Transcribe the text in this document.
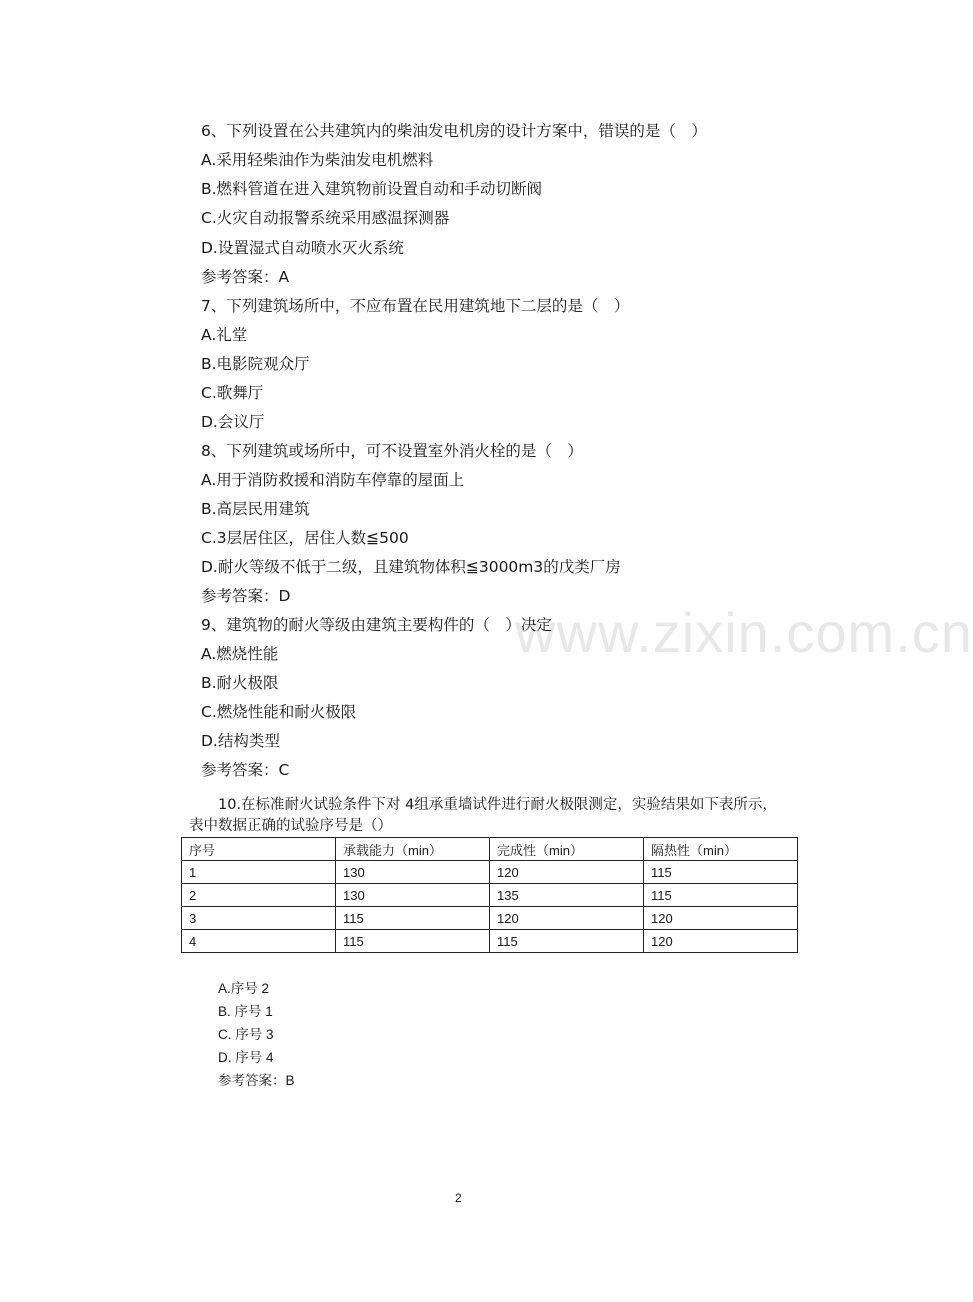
www.zixin.com.cn
6、下列设置在公共建筑内的柴油发电机房的设计方案中，错误的是（　）
A.采用轻柴油作为柴油发电机燃料
B.燃料管道在进入建筑物前设置自动和手动切断阀
C.火灾自动报警系统采用感温探测器
D.设置湿式自动喷水灭火系统
参考答案：A
7、下列建筑场所中，不应布置在民用建筑地下二层的是（　）
A.礼堂
B.电影院观众厅
C.歌舞厅
D.会议厅
8、下列建筑或场所中，可不设置室外消火栓的是（　）
A.用于消防救援和消防车停靠的屋面上
B.高层民用建筑
C.3层居住区，居住人数≦500
D.耐火等级不低于二级，且建筑物体积≦3000m3的戊类厂房
参考答案：D
9、建筑物的耐火等级由建筑主要构件的（　）决定
A.燃烧性能
B.耐火极限
C.燃烧性能和耐火极限
D.结构类型
参考答案：C
10.在标准耐火试验条件下对 4组承重墙试件进行耐火极限测定，实验结果如下表所示，
表中数据正确的试验序号是（）
序号	承载能力（min）	完成性（min）	隔热性（min）
1	130	120	115
2	130	135	115
3	115	120	120
4	115	115	120
A.序号 2
B. 序号 1
C. 序号 3
D. 序号 4
参考答案：B
2
